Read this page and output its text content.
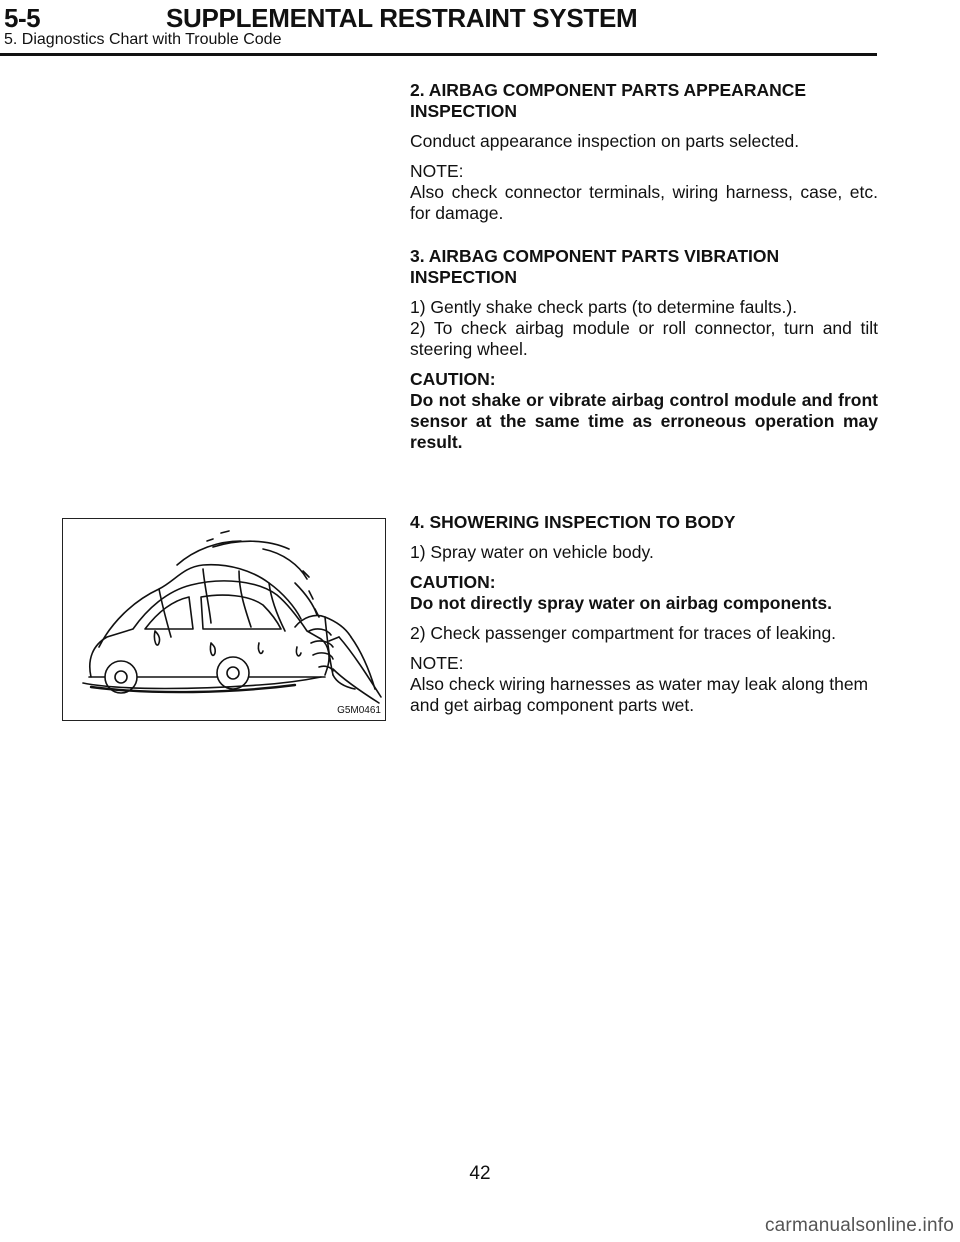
5-5	SUPPLEMENTAL RESTRAINT SYSTEM
5. Diagnostics Chart with Trouble Code

2. AIRBAG COMPONENT PARTS APPEARANCE

INSPECTION

Conduct appearance inspection on parts selected.

NOTE:

Also check connector terminals, wiring harness, case, etc. for damage.

3. AIRBAG COMPONENT PARTS VIBRATION

INSPECTION

1) Gently shake check parts (to determine faults.).

2) To check airbag module or roll connector, turn and tilt steering wheel.

CAUTION:

Do not shake or vibrate airbag control module and front sensor at the same time as erroneous operation may result.

4. SHOWERING INSPECTION TO BODY

1) Spray water on vehicle body.

CAUTION:

Do not directly spray water on airbag components.

2) Check passenger compartment for traces of leaking.

NOTE:

Also check wiring harnesses as water may leak along them and get airbag component parts wet.

G5M0461
42
carmanualsonline.info
